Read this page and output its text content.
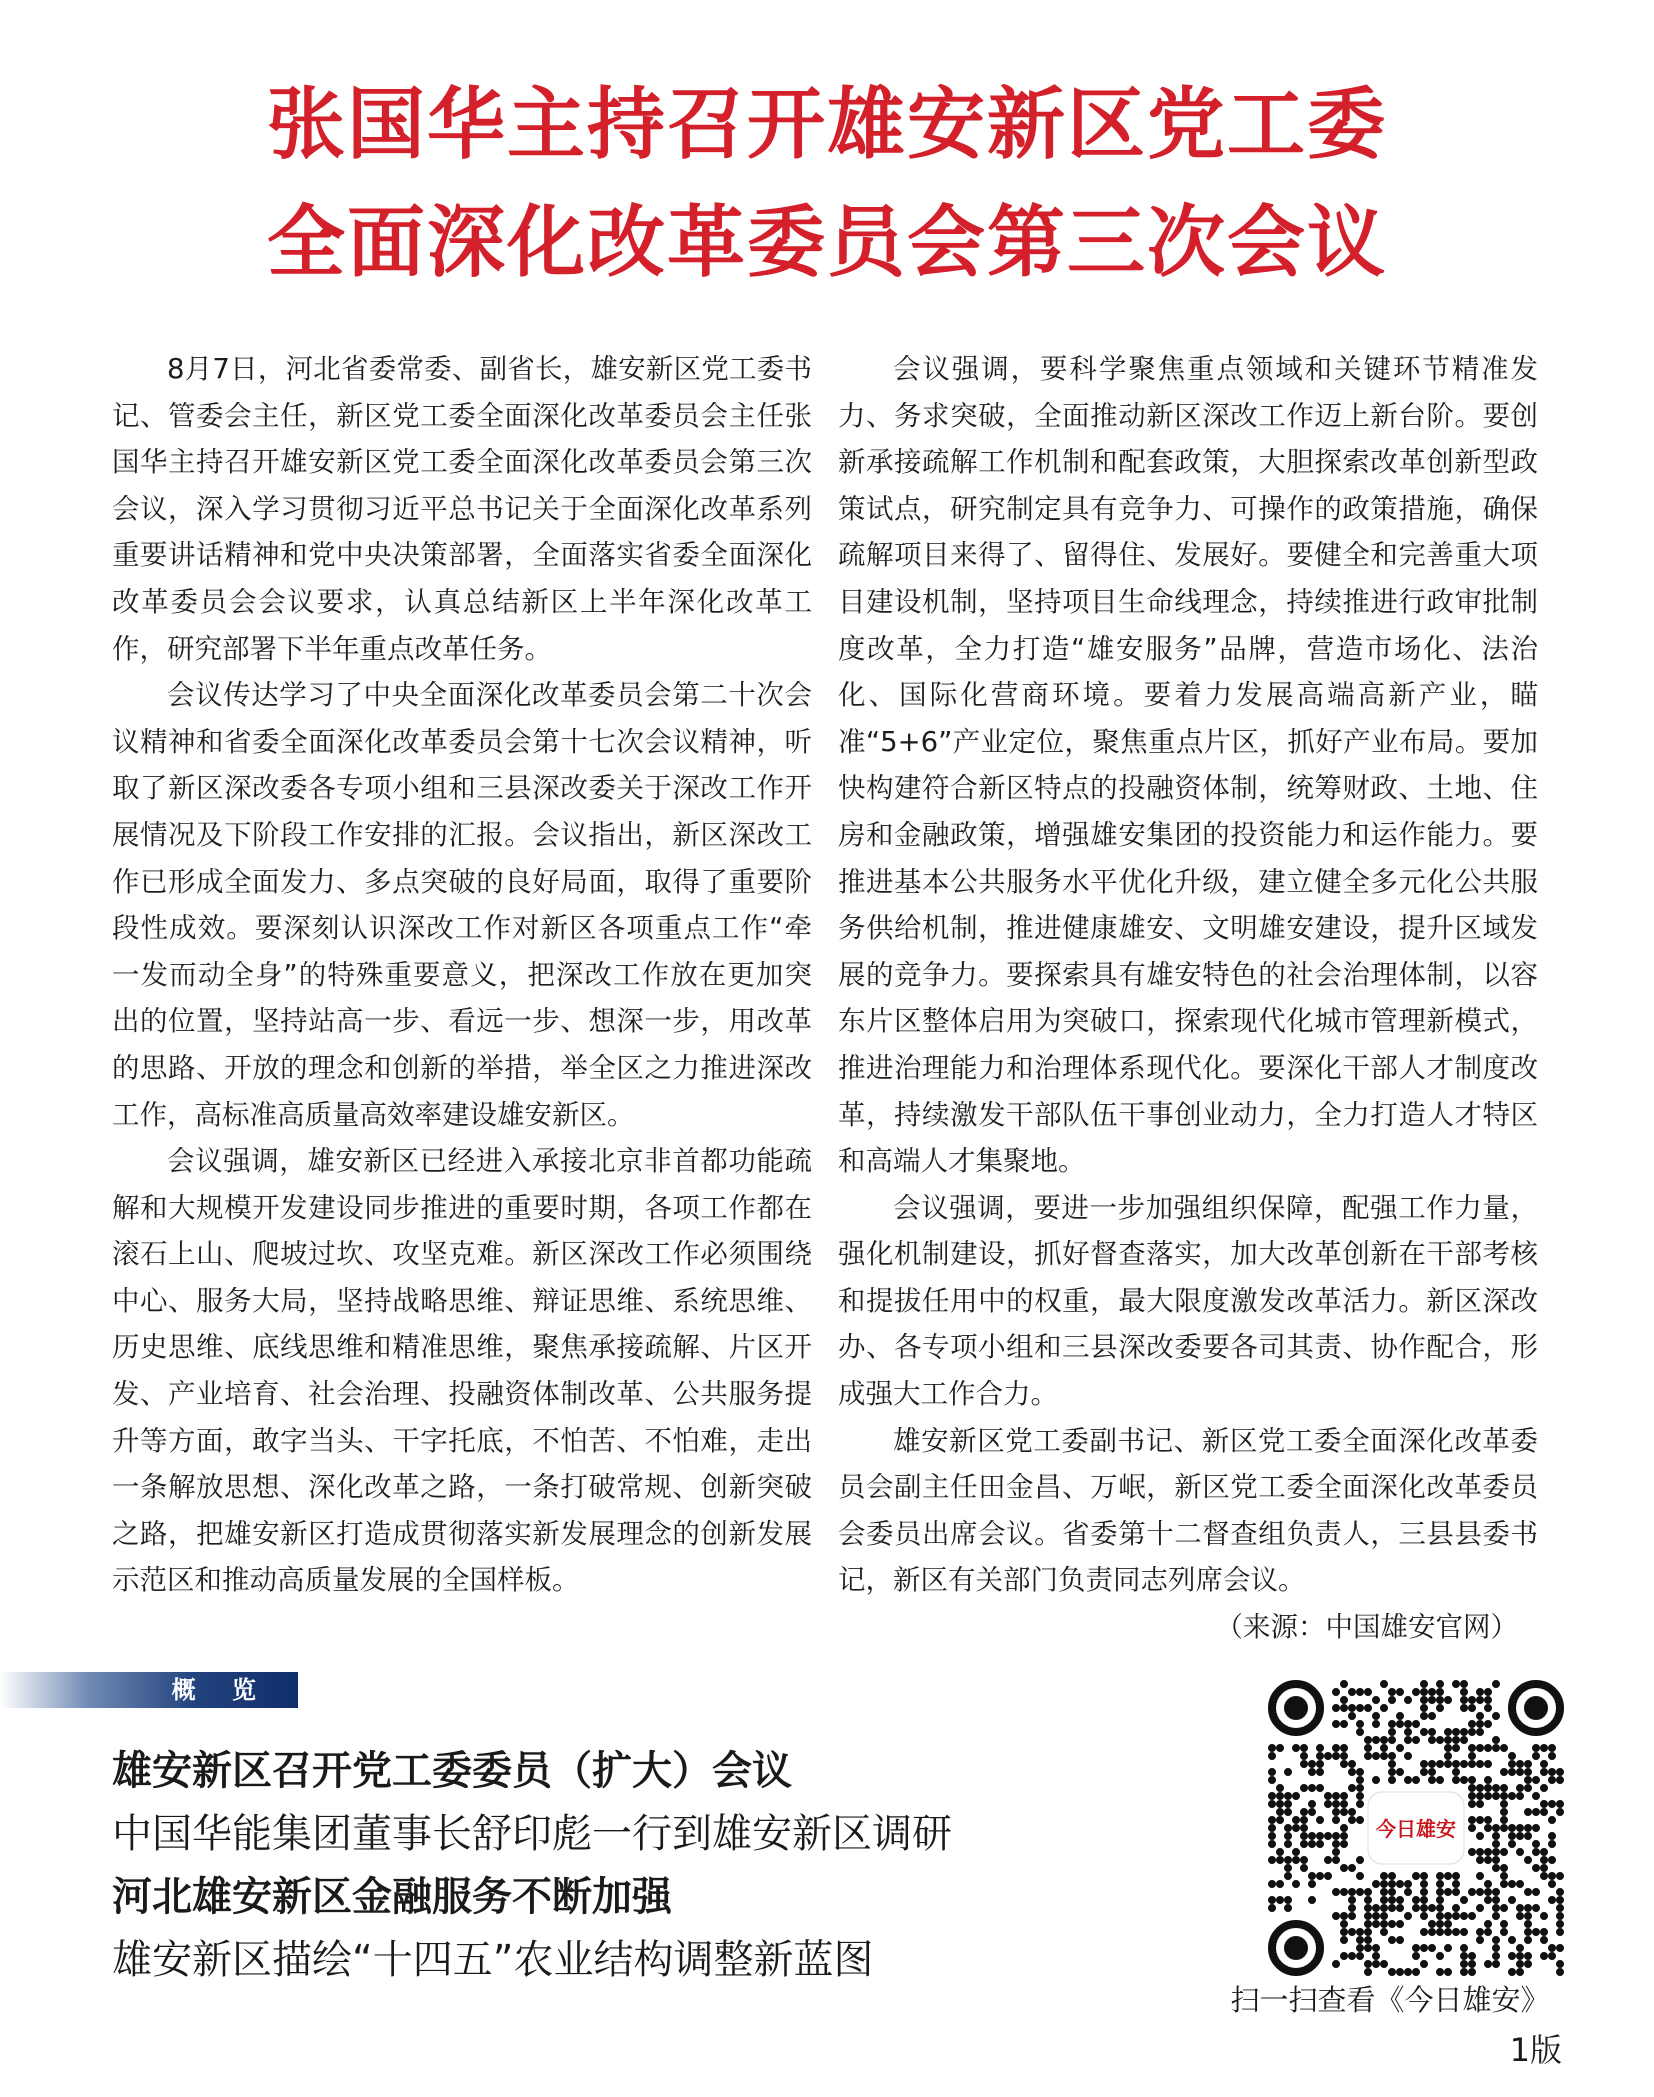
张国华主持召开雄安新区党工委
全面深化改革委员会第三次会议

8月7日，河北省委常委、副省长，雄安新区党工委书记、管委会主任，新区党工委全面深化改革委员会主任张国华主持召开雄安新区党工委全面深化改革委员会第三次会议，深入学习贯彻习近平总书记关于全面深化改革系列重要讲话精神和党中央决策部署，全面落实省委全面深化改革委员会会议要求，认真总结新区上半年深化改革工作，研究部署下半年重点改革任务。

会议传达学习了中央全面深化改革委员会第二十次会议精神和省委全面深化改革委员会第十七次会议精神，听取了新区深改委各专项小组和三县深改委关于深改工作开展情况及下阶段工作安排的汇报。会议指出，新区深改工作已形成全面发力、多点突破的良好局面，取得了重要阶段性成效。要深刻认识深改工作对新区各项重点工作“牵一发而动全身”的特殊重要意义，把深改工作放在更加突出的位置，坚持站高一步、看远一步、想深一步，用改革的思路、开放的理念和创新的举措，举全区之力推进深改工作，高标准高质量高效率建设雄安新区。

会议强调，雄安新区已经进入承接北京非首都功能疏解和大规模开发建设同步推进的重要时期，各项工作都在滚石上山、爬坡过坎、攻坚克难。新区深改工作必须围绕中心、服务大局，坚持战略思维、辩证思维、系统思维、历史思维、底线思维和精准思维，聚焦承接疏解、片区开发、产业培育、社会治理、投融资体制改革、公共服务提升等方面，敢字当头、干字托底，不怕苦、不怕难，走出一条解放思想、深化改革之路，一条打破常规、创新突破之路，把雄安新区打造成贯彻落实新发展理念的创新发展示范区和推动高质量发展的全国样板。

会议强调，要科学聚焦重点领域和关键环节精准发力、务求突破，全面推动新区深改工作迈上新台阶。要创新承接疏解工作机制和配套政策，大胆探索改革创新型政策试点，研究制定具有竞争力、可操作的政策措施，确保疏解项目来得了、留得住、发展好。要健全和完善重大项目建设机制，坚持项目生命线理念，持续推进行政审批制度改革，全力打造“雄安服务”品牌，营造市场化、法治化、国际化营商环境。要着力发展高端高新产业，瞄准“5+6”产业定位，聚焦重点片区，抓好产业布局。要加快构建符合新区特点的投融资体制，统筹财政、土地、住房和金融政策，增强雄安集团的投资能力和运作能力。要推进基本公共服务水平优化升级，建立健全多元化公共服务供给机制，推进健康雄安、文明雄安建设，提升区域发展的竞争力。要探索具有雄安特色的社会治理体制，以容东片区整体启用为突破口，探索现代化城市管理新模式，推进治理能力和治理体系现代化。要深化干部人才制度改革，持续激发干部队伍干事创业动力，全力打造人才特区和高端人才集聚地。

会议强调，要进一步加强组织保障，配强工作力量，强化机制建设，抓好督查落实，加大改革创新在干部考核和提拔任用中的权重，最大限度激发改革活力。新区深改办、各专项小组和三县深改委要各司其责、协作配合，形成强大工作合力。

雄安新区党工委副书记、新区党工委全面深化改革委员会副主任田金昌、万岷，新区党工委全面深化改革委员会委员出席会议。省委第十二督查组负责人，三县县委书记，新区有关部门负责同志列席会议。

（来源：中国雄安官网）
概 览
雄安新区召开党工委委员（扩大）会议
中国华能集团董事长舒印彪一行到雄安新区调研
河北雄安新区金融服务不断加强
雄安新区描绘“十四五”农业结构调整新蓝图
今日雄安
扫一扫查看《今日雄安》
1版
